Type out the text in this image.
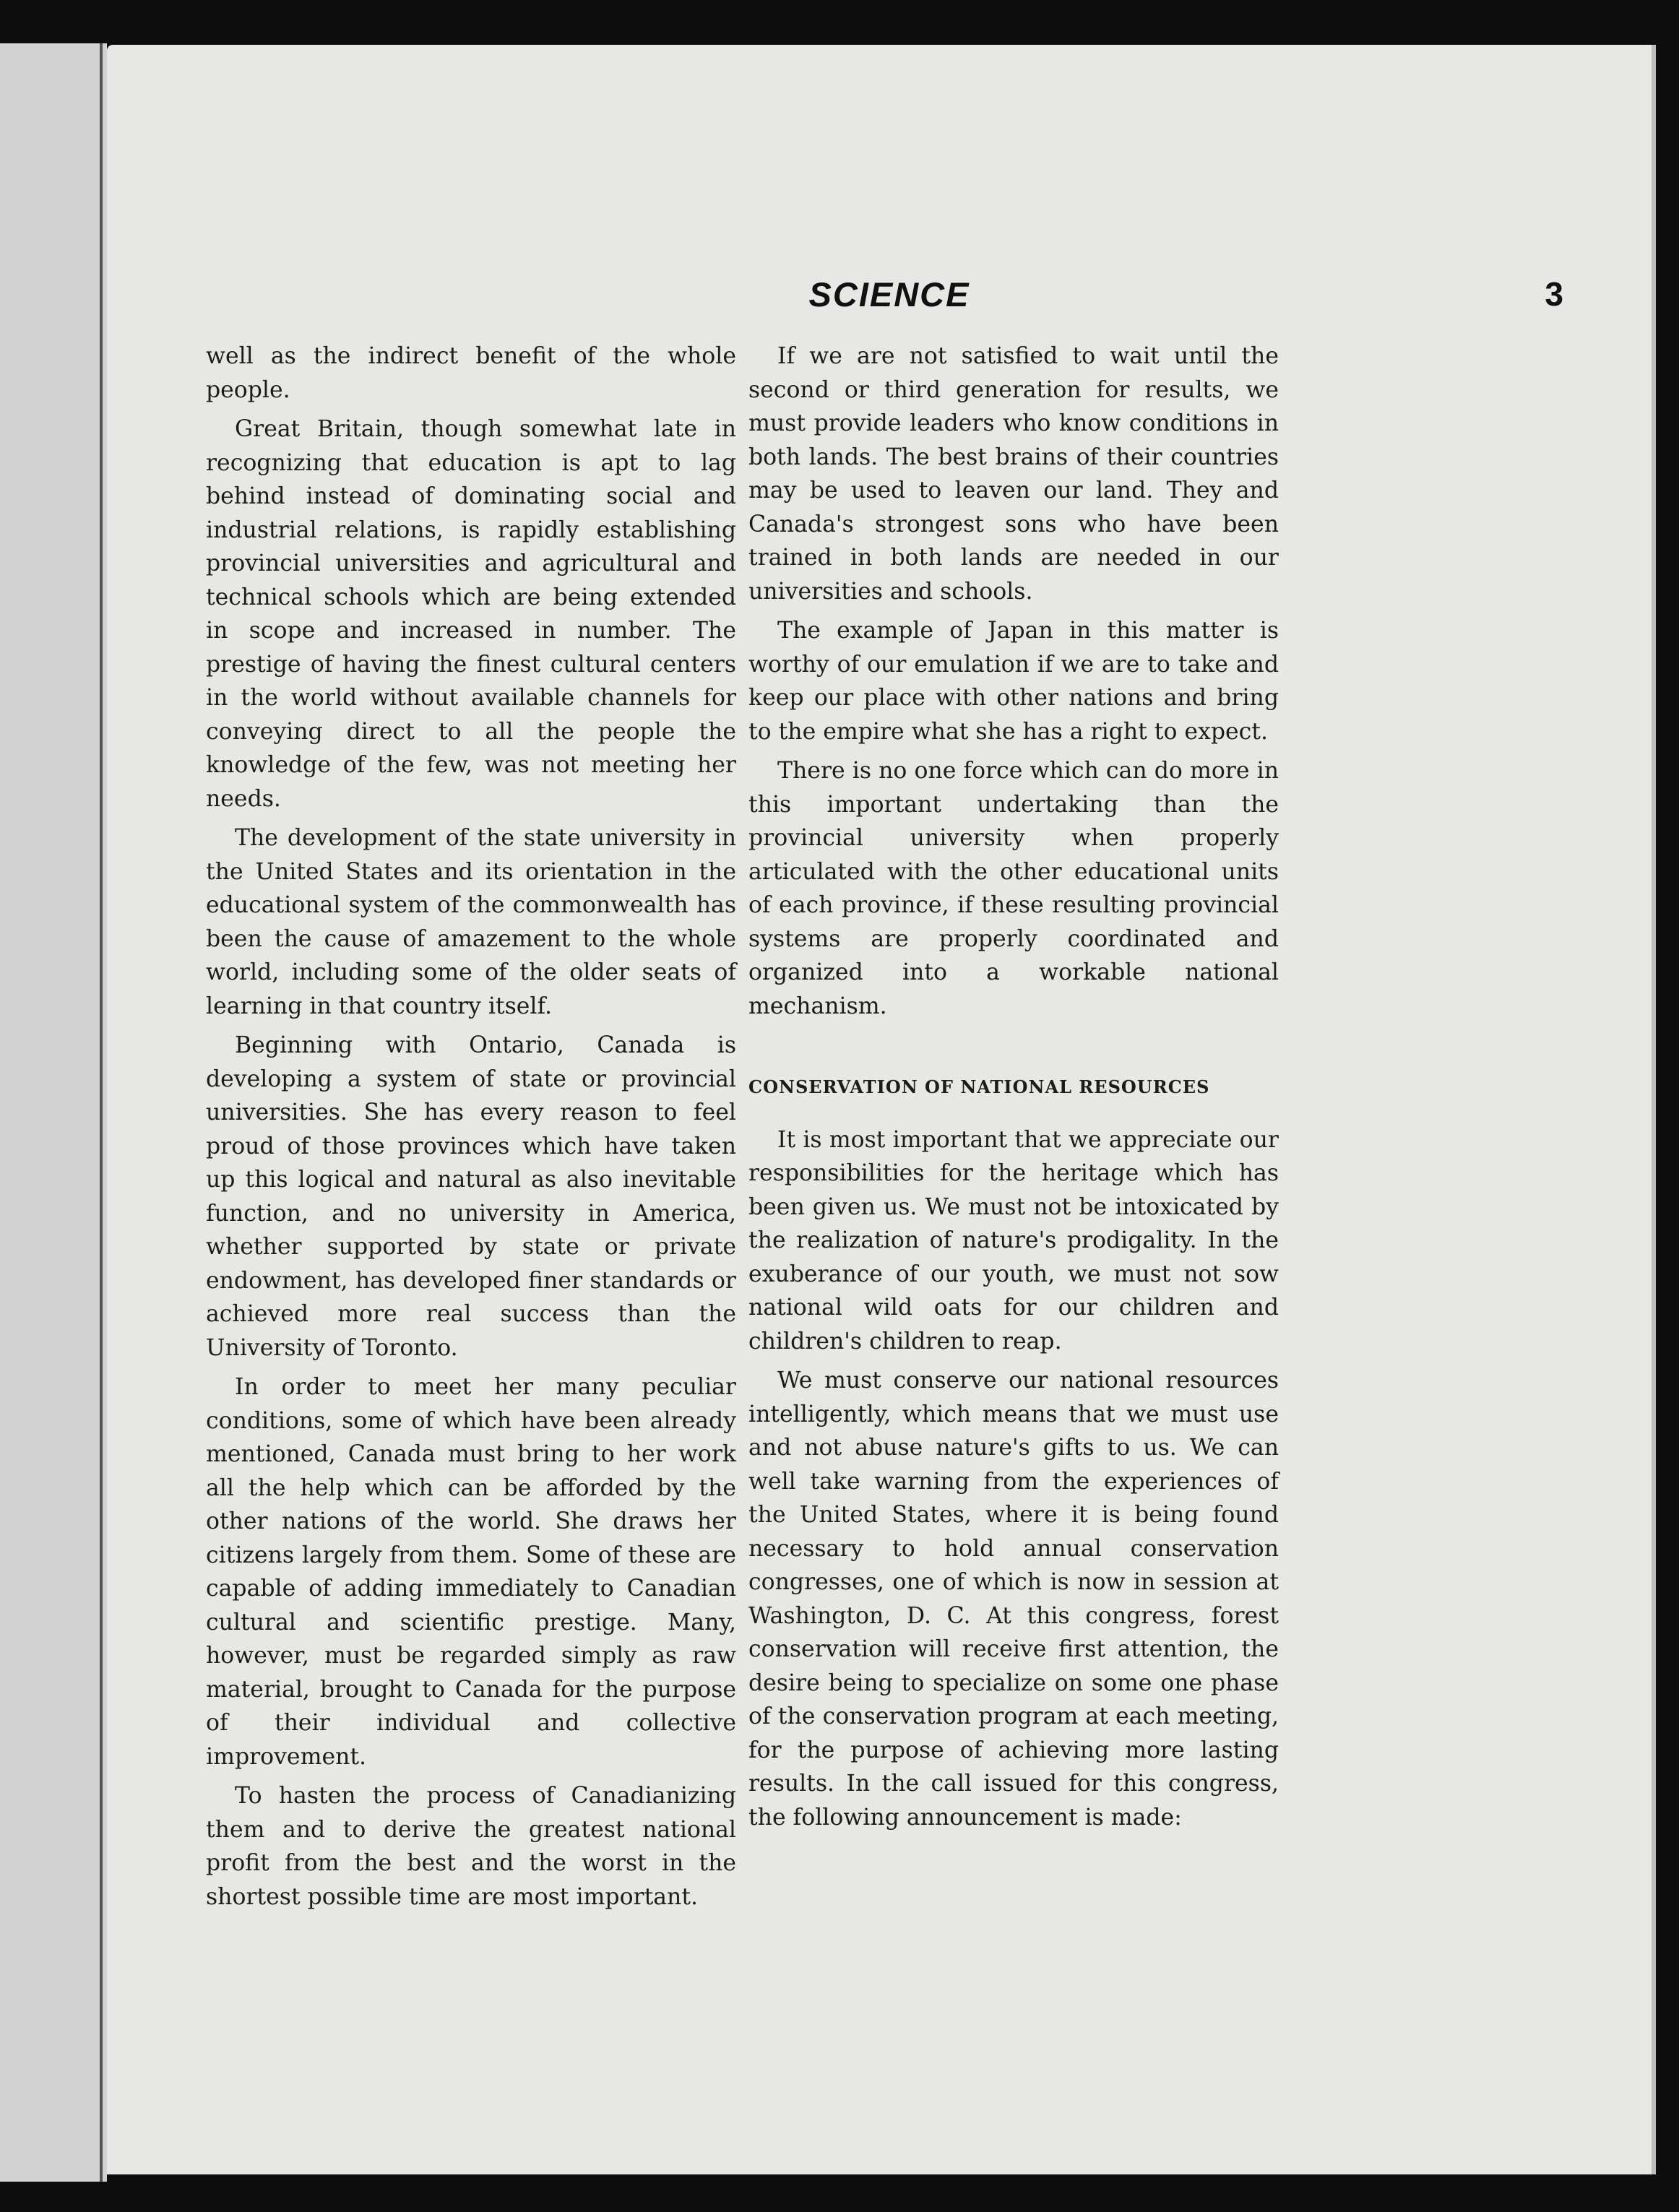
SCIENCE	3

well as the indirect benefit of the whole people.

Great Britain, though somewhat late in recognizing that education is apt to lag behind instead of dominating social and industrial relations, is rapidly establishing provincial universities and agricultural and technical schools which are being extended in scope and increased in number. The prestige of having the finest cultural centers in the world without available channels for conveying direct to all the people the knowledge of the few, was not meeting her needs.

The development of the state university in the United States and its orientation in the educational system of the commonwealth has been the cause of amazement to the whole world, including some of the older seats of learning in that country itself.

Beginning with Ontario, Canada is developing a system of state or provincial universities. She has every reason to feel proud of those provinces which have taken up this logical and natural as also inevitable function, and no university in America, whether supported by state or private endowment, has developed finer standards or achieved more real success than the University of Toronto.

In order to meet her many peculiar conditions, some of which have been already mentioned, Canada must bring to her work all the help which can be afforded by the other nations of the world. She draws her citizens largely from them. Some of these are capable of adding immediately to Canadian cultural and scientific prestige. Many, however, must be regarded simply as raw material, brought to Canada for the purpose of their individual and collective improvement.

To hasten the process of Canadianizing them and to derive the greatest national profit from the best and the worst in the shortest possible time are most important.

If we are not satisfied to wait until the second or third generation for results, we must provide leaders who know conditions in both lands. The best brains of their countries may be used to leaven our land. They and Canada's strongest sons who have been trained in both lands are needed in our universities and schools.

The example of Japan in this matter is worthy of our emulation if we are to take and keep our place with other nations and bring to the empire what she has a right to expect.

There is no one force which can do more in this important undertaking than the provincial university when properly articulated with the other educational units of each province, if these resulting provincial systems are properly coordinated and organized into a workable national mechanism.

CONSERVATION OF NATIONAL RESOURCES

It is most important that we appreciate our responsibilities for the heritage which has been given us. We must not be intoxicated by the realization of nature's prodigality. In the exuberance of our youth, we must not sow national wild oats for our children and children's children to reap.

We must conserve our national resources intelligently, which means that we must use and not abuse nature's gifts to us. We can well take warning from the experiences of the United States, where it is being found necessary to hold annual conservation congresses, one of which is now in session at Washington, D. C. At this congress, forest conservation will receive first attention, the desire being to specialize on some one phase of the conservation program at each meeting, for the purpose of achieving more lasting results. In the call issued for this congress, the following announcement is made:
